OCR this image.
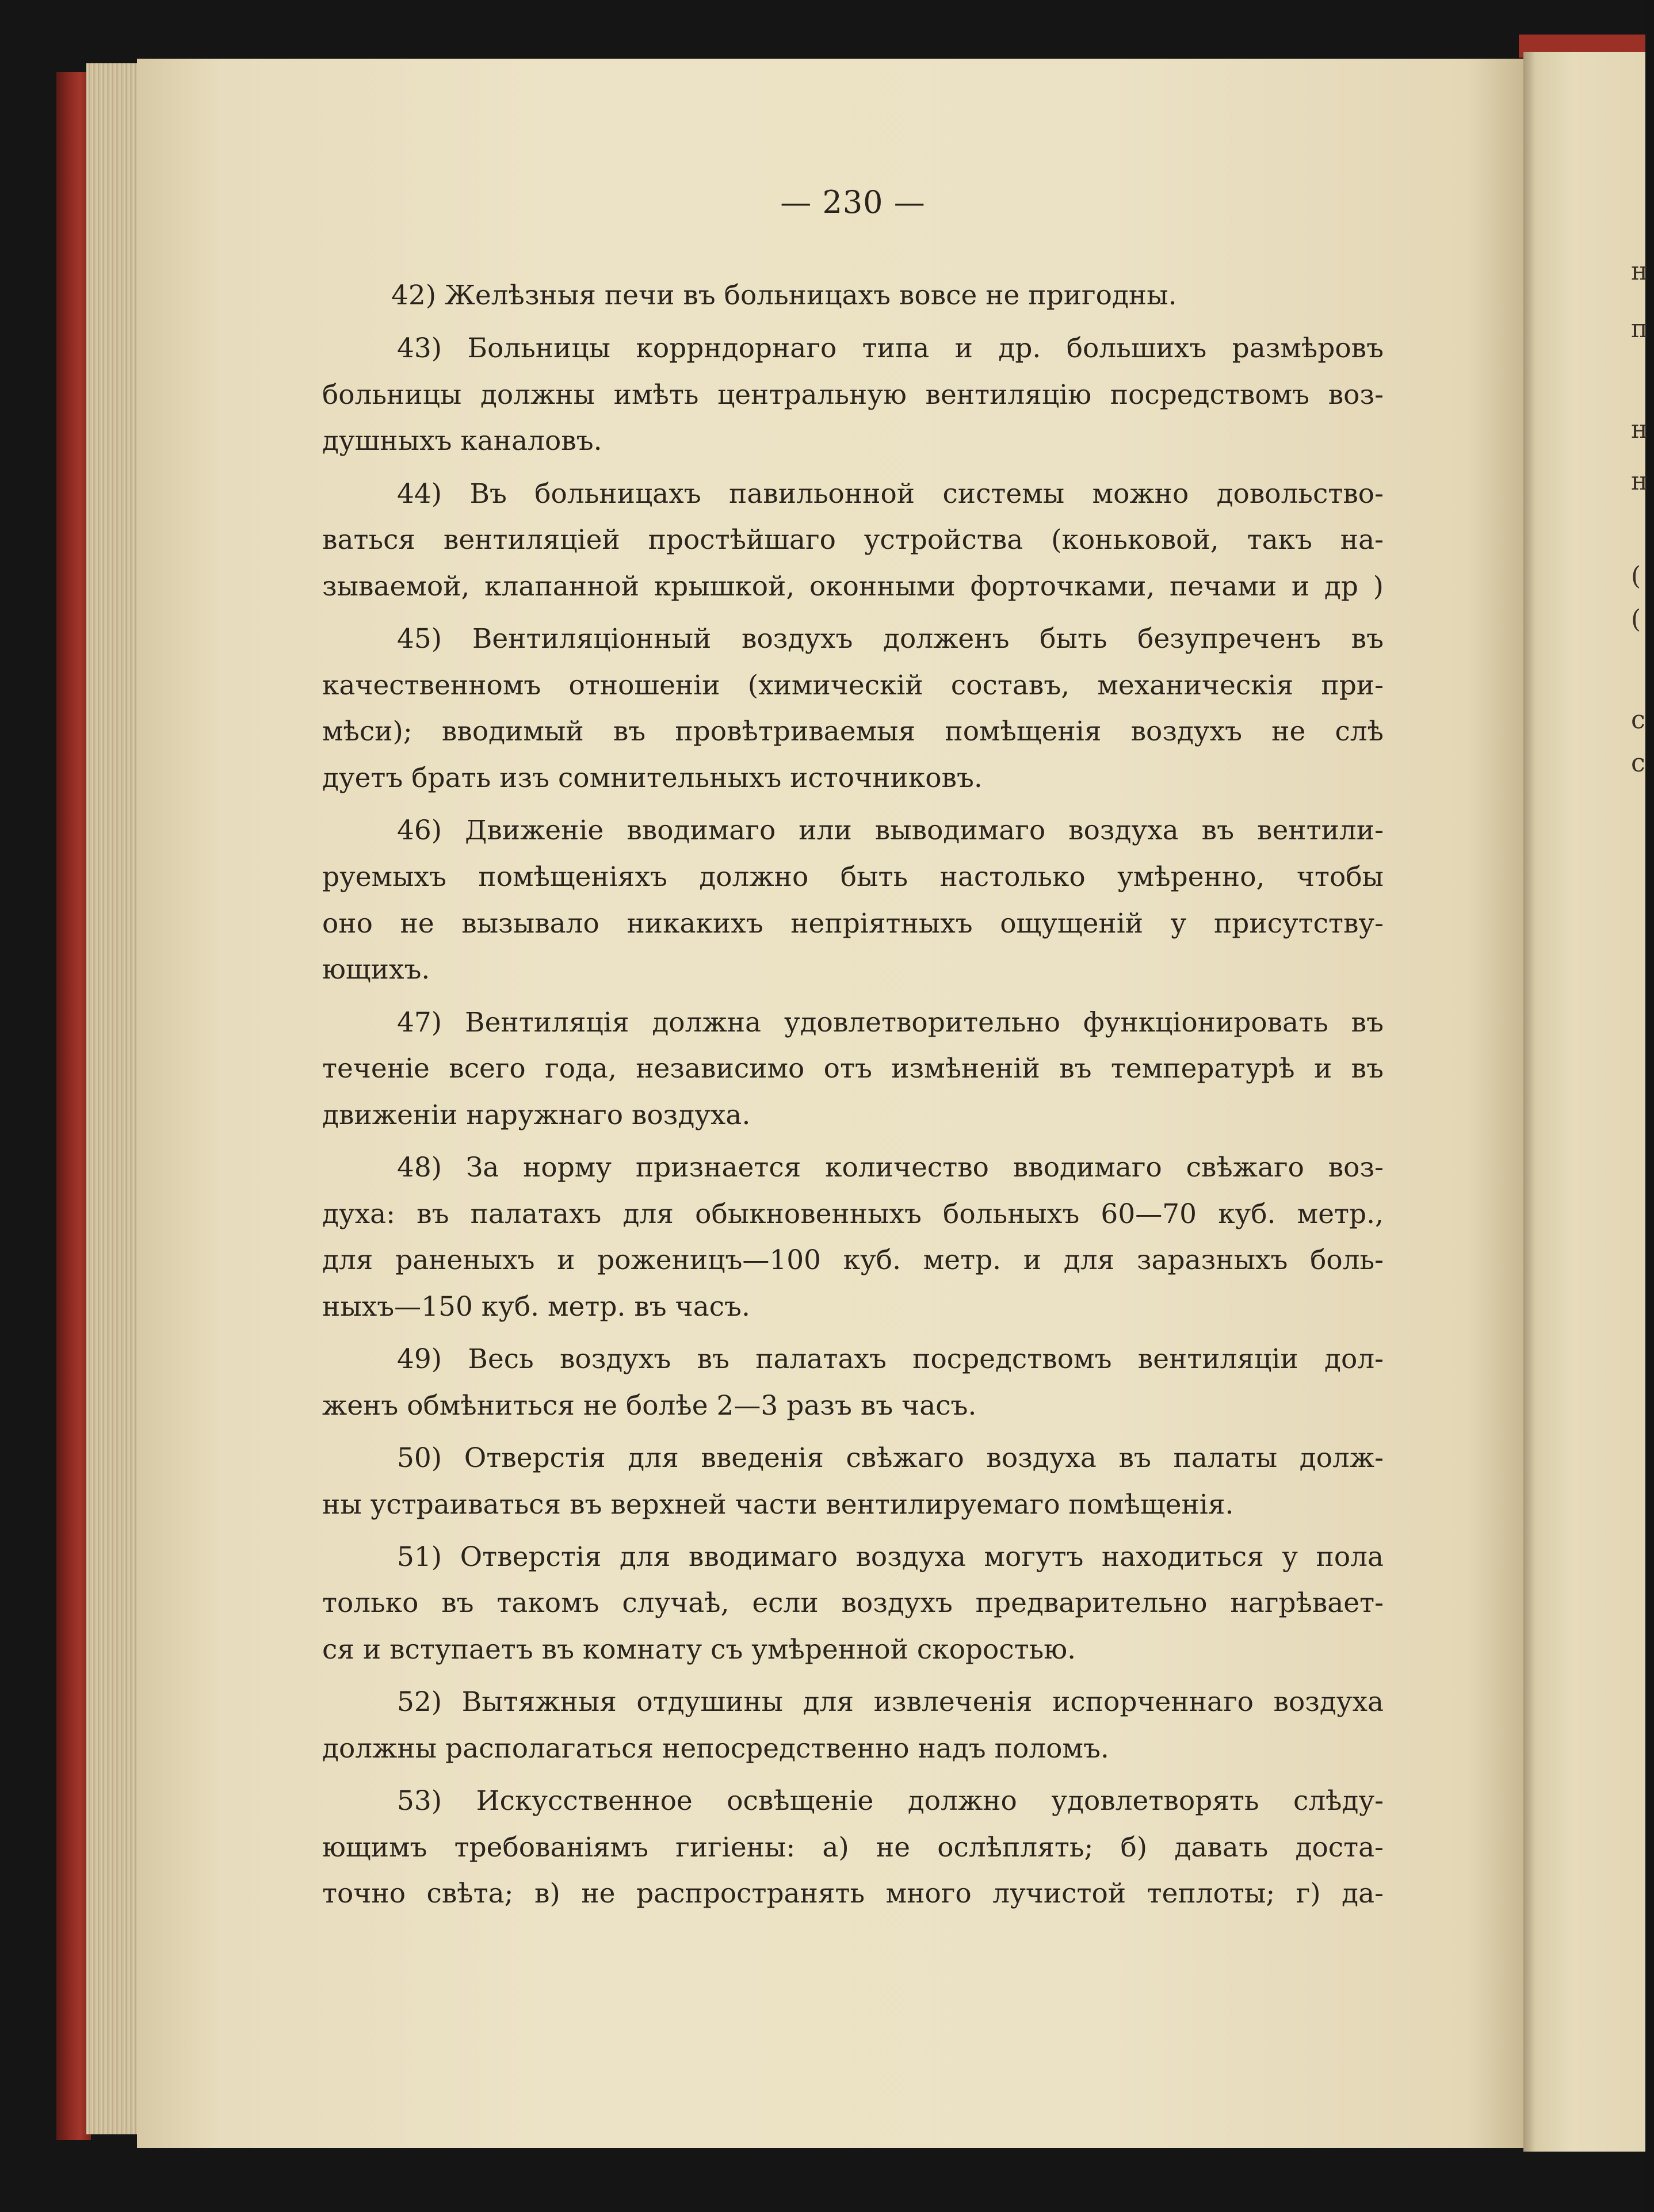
н
п
н
н
(
(
с
с
— 230 —
42) Желѣзныя печи въ больницахъ вовсе не пригодны.
43) Больницы коррндорнаго типа и др. большихъ размѣровъ
больницы должны имѣть центральную вентиляцію посредствомъ воз-
душныхъ каналовъ.
44) Въ больницахъ павильонной системы можно довольство-
ваться вентиляціей простѣйшаго устройства (коньковой, такъ на-
зываемой, клапанной крышкой, оконными форточками, печами и др )
45) Вентиляціонный воздухъ долженъ быть безупреченъ въ
качественномъ отношеніи (химическій составъ, механическія при-
мѣси); вводимый въ провѣтриваемыя помѣщенія воздухъ не слѣ
дуетъ брать изъ сомнительныхъ источниковъ.
46) Движеніе вводимаго или выводимаго воздуха въ вентили-
руемыхъ помѣщеніяхъ должно быть настолько умѣренно, чтобы
оно не вызывало никакихъ непріятныхъ ощущеній у присутству-
ющихъ.
47) Вентиляція должна удовлетворительно функціонировать въ
теченіе всего года, независимо отъ измѣненій въ температурѣ и въ
движеніи наружнаго воздуха.
48) За норму признается количество вводимаго свѣжаго воз-
духа: въ палатахъ для обыкновенныхъ больныхъ 60—70 куб. метр.,
для раненыхъ и роженицъ—100 куб. метр. и для заразныхъ боль-
ныхъ—150 куб. метр. въ часъ.
49) Весь воздухъ въ палатахъ посредствомъ вентиляціи дол-
женъ обмѣниться не болѣе 2—3 разъ въ часъ.
50) Отверстія для введенія свѣжаго воздуха въ палаты долж-
ны устраиваться въ верхней части вентилируемаго помѣщенія.
51) Отверстія для вводимаго воздуха могутъ находиться у пола
только въ такомъ случаѣ, если воздухъ предварительно нагрѣвает-
ся и вступаетъ въ комнату съ умѣренной скоростью.
52) Вытяжныя отдушины для извлеченія испорченнаго воздуха
должны располагаться непосредственно надъ поломъ.
53) Искусственное освѣщеніе должно удовлетворять слѣду-
ющимъ требованіямъ гигіены: а) не ослѣплять; б) давать доста-
точно свѣта; в) не распространять много лучистой теплоты; г) да-
